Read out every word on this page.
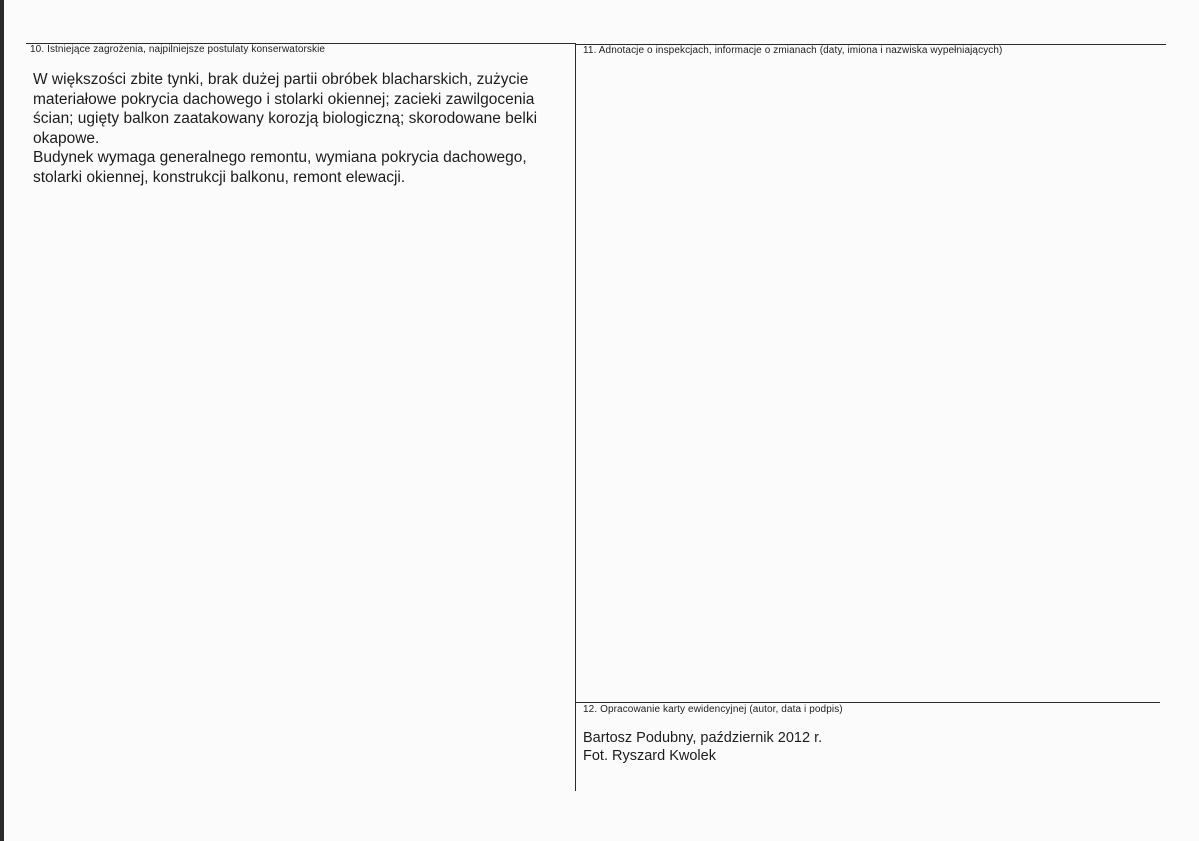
10. Istniejące zagrożenia, najpilniejsze postulaty konserwatorskie

W większości zbite tynki, brak dużej partii obróbek blacharskich, zużycie materiałowe pokrycia dachowego i stolarki okiennej; zacieki zawilgocenia ścian; ugięty balkon zaatakowany korozją biologiczną; skorodowane belki okapowe.

Budynek wymaga generalnego remontu, wymiana pokrycia dachowego, stolarki okiennej, konstrukcji balkonu, remont elewacji.

11. Adnotacje o inspekcjach, informacje o zmianach (daty, imiona i nazwiska wypełniających)
12. Opracowanie karty ewidencyjnej (autor, data i podpis)
Bartosz Podubny, październik 2012 r.
Fot. Ryszard Kwolek
